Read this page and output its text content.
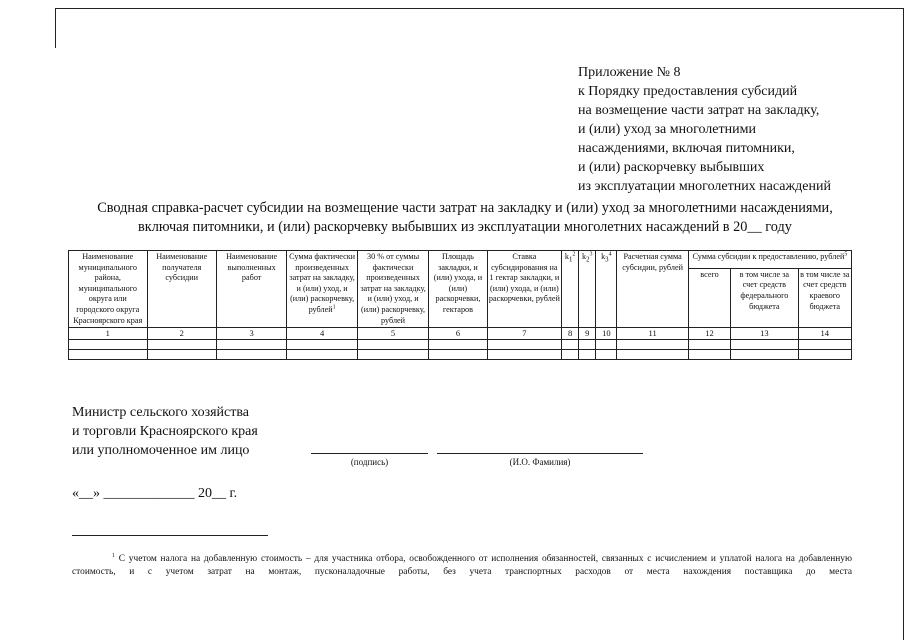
Приложение № 8
к Порядку предоставления субсидий
на возмещение части затрат на закладку,
и (или) уход за многолетними
насаждениями, включая питомники,
и (или) раскорчевку выбывших
из эксплуатации многолетних насаждений
Сводная справка-расчет субсидии на возмещение части затрат на закладку и (или) уход за многолетними насаждениями,
включая питомники, и (или) раскорчевку выбывших из эксплуатации многолетних насаждений в 20__ году
Наименование муниципального района, муниципального округа или городского округа Красноярского края	Наименование получателя субсидии	Наименование выполненных работ	Сумма фактически произведенных затрат на закладку, и (или) уход, и (или) раскорчевку, рублей$^1$	30 % от суммы фактически произведенных затрат на закладку, и (или) уход, и (или) раскорчевку, рублей	Площадь закладки, и (или) ухода, и (или) раскорчевки, гектаров	Ставка субсидирования на 1 гектар закладки, и (или) ухода, и (или) раскорчевки, рублей	$k_1^2$	$k_2^3$	$k_3^4$	Расчетная сумма субсидии, рублей	Сумма субсидии к предоставлению, рублей$^5$
											всего	в том числе за счет средств федерального бюджета	в том числе за счет средств краевого бюджета
1	2	3	4	5	6	7	8	9	10	11	12	13	14

Министр сельского хозяйства
и торговли Красноярского края
или уполномоченное им лицо
(подпись)	(И.О. Фамилия)
«__» _____________ 20__ г.
$^1$ С учетом налога на добавленную стоимость – для участника отбора, освобожденного от исполнения обязанностей, связанных с исчислением и уплатой налога на добавленную стоимость, и с учетом затрат на монтаж, пусконаладочные работы, без учета транспортных расходов от места нахождения поставщика до места
